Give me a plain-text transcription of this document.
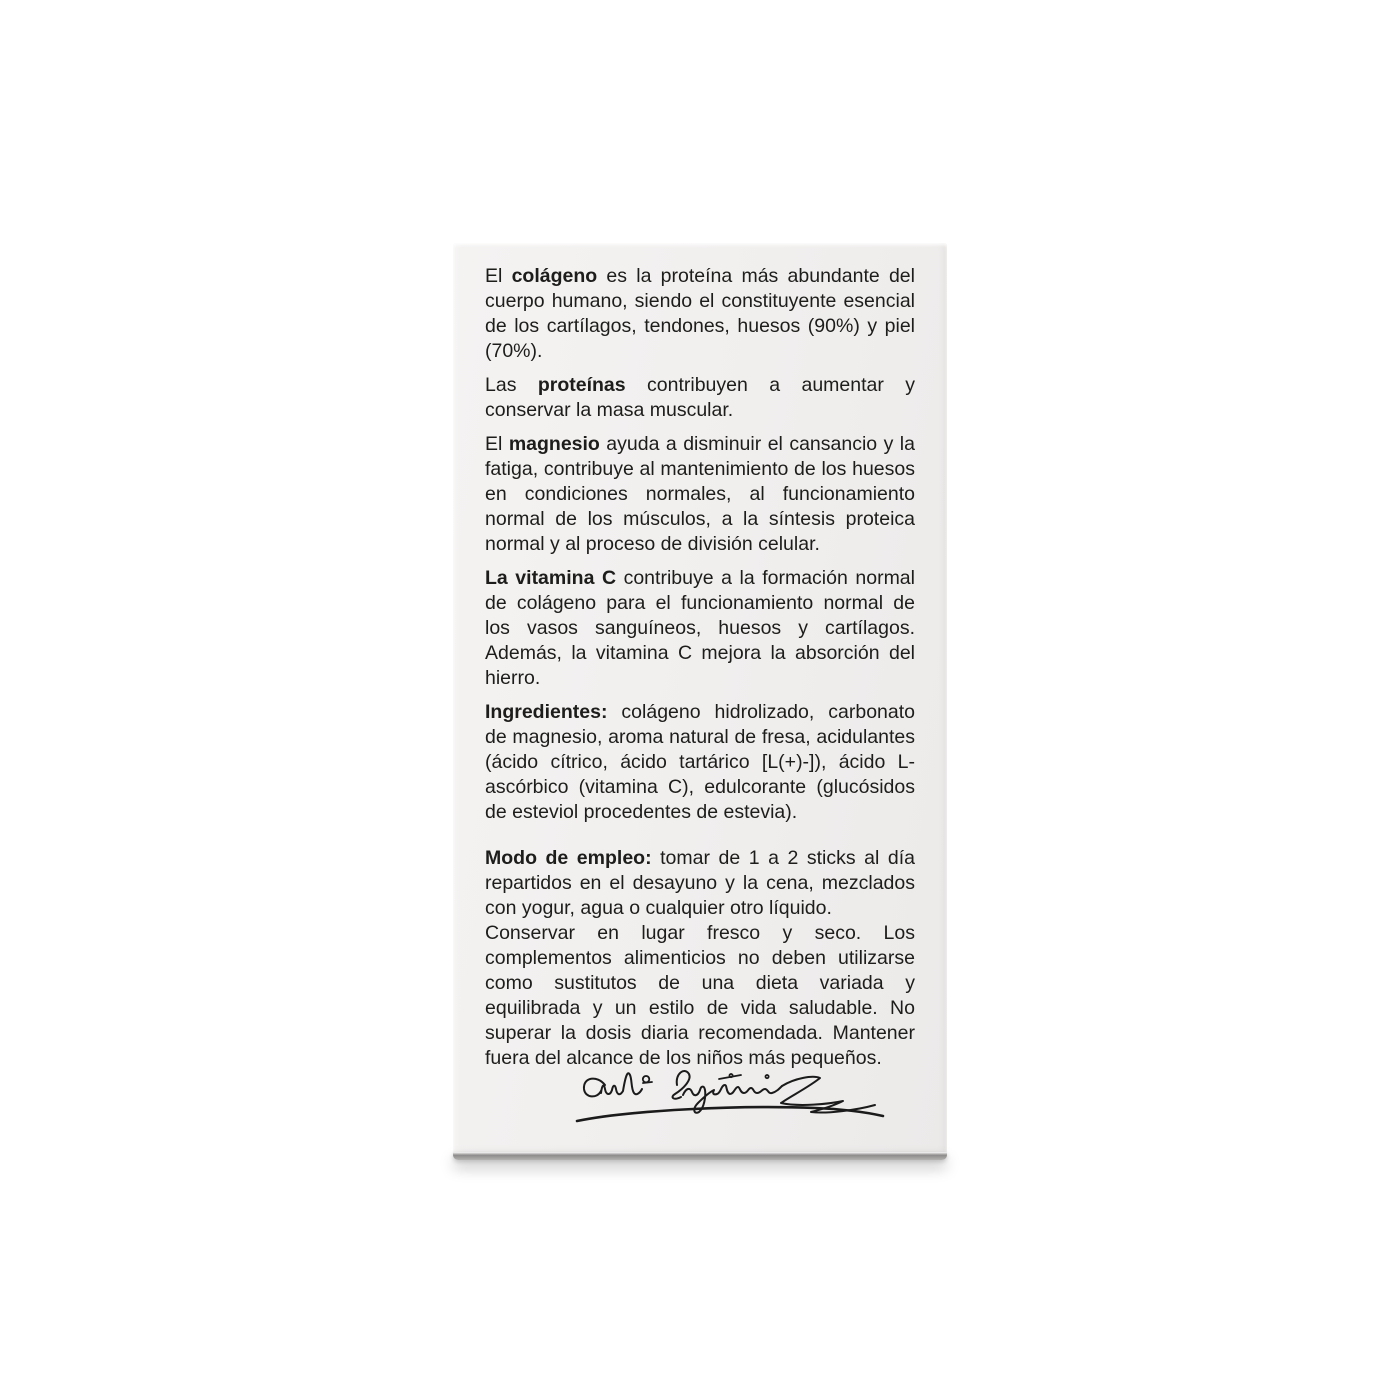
El colágeno es la proteína más abundante del cuerpo humano, siendo el constituyente esencial de los cartílagos, tendones, huesos (90%) y piel (70%).

Las proteínas contribuyen a aumentar y conservar la masa muscular.

El magnesio ayuda a disminuir el cansancio y la fatiga, contribuye al mantenimiento de los huesos en condiciones normales, al funcionamiento normal de los músculos, a la síntesis proteica normal y al proceso de división celular.

La vitamina C contribuye a la formación normal de colágeno para el funcionamiento normal de los vasos sanguíneos, huesos y cartílagos. Además, la vitamina C mejora la absorción del hierro.

Ingredientes: colágeno hidrolizado, carbonato de magnesio, aroma natural de fresa, acidulantes (ácido cítrico, ácido tartárico [L(+)-]), ácido L-ascórbico (vitamina C), edulcorante (glucósidos de esteviol procedentes de estevia).

Modo de empleo: tomar de 1 a 2 sticks al día repartidos en el desayuno y la cena, mezclados con yogur, agua o cualquier otro líquido.

Conservar en lugar fresco y seco. Los complementos alimenticios no deben utilizarse como sustitutos de una dieta variada y equilibrada y un estilo de vida saludable. No superar la dosis diaria recomendada. Mantener fuera del alcance de los niños más pequeños.
